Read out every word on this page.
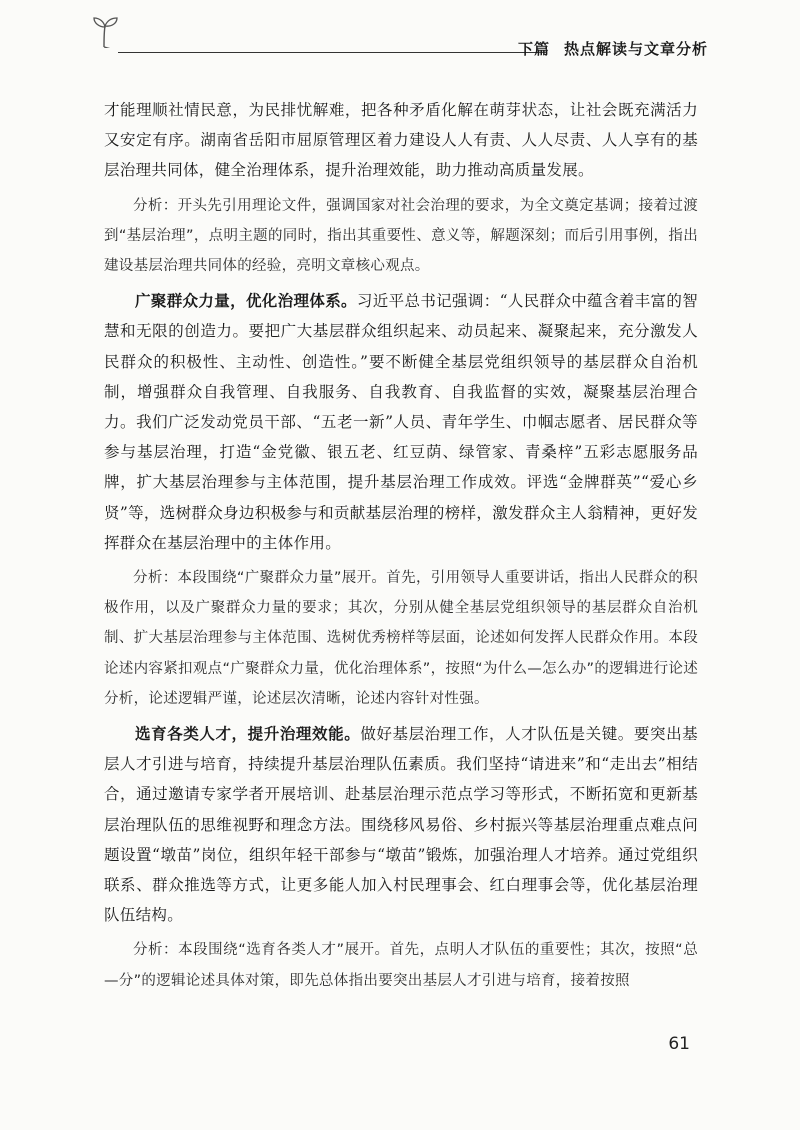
下篇 热点解读与文章分析

才能理顺社情民意，为民排忧解难，把各种矛盾化解在萌芽状态，让社会既充满活力又安定有序。湖南省岳阳市屈原管理区着力建设人人有责、人人尽责、人人享有的基层治理共同体，健全治理体系，提升治理效能，助力推动高质量发展。

分析：开头先引用理论文件，强调国家对社会治理的要求，为全文奠定基调；接着过渡到“基层治理”，点明主题的同时，指出其重要性、意义等，解题深刻；而后引用事例，指出建设基层治理共同体的经验，亮明文章核心观点。

广聚群众力量，优化治理体系。习近平总书记强调：“人民群众中蕴含着丰富的智慧和无限的创造力。要把广大基层群众组织起来、动员起来、凝聚起来，充分激发人民群众的积极性、主动性、创造性。”要不断健全基层党组织领导的基层群众自治机制，增强群众自我管理、自我服务、自我教育、自我监督的实效，凝聚基层治理合力。我们广泛发动党员干部、“五老一新”人员、青年学生、巾帼志愿者、居民群众等参与基层治理，打造“金党徽、银五老、红豆荫、绿管家、青桑梓”五彩志愿服务品牌，扩大基层治理参与主体范围，提升基层治理工作成效。评选“金牌群英”“爱心乡贤”等，选树群众身边积极参与和贡献基层治理的榜样，激发群众主人翁精神，更好发挥群众在基层治理中的主体作用。

分析：本段围绕“广聚群众力量”展开。首先，引用领导人重要讲话，指出人民群众的积极作用，以及广聚群众力量的要求；其次，分别从健全基层党组织领导的基层群众自治机制、扩大基层治理参与主体范围、选树优秀榜样等层面，论述如何发挥人民群众作用。本段论述内容紧扣观点“广聚群众力量，优化治理体系”，按照“为什么—怎么办”的逻辑进行论述分析，论述逻辑严谨，论述层次清晰，论述内容针对性强。

选育各类人才，提升治理效能。做好基层治理工作，人才队伍是关键。要突出基层人才引进与培育，持续提升基层治理队伍素质。我们坚持“请进来”和“走出去”相结合，通过邀请专家学者开展培训、赴基层治理示范点学习等形式，不断拓宽和更新基层治理队伍的思维视野和理念方法。围绕移风易俗、乡村振兴等基层治理重点难点问题设置“墩苗”岗位，组织年轻干部参与“墩苗”锻炼，加强治理人才培养。通过党组织联系、群众推选等方式，让更多能人加入村民理事会、红白理事会等，优化基层治理队伍结构。

分析：本段围绕“选育各类人才”展开。首先，点明人才队伍的重要性；其次，按照“总—分”的逻辑论述具体对策，即先总体指出要突出基层人才引进与培育，接着按照

61
